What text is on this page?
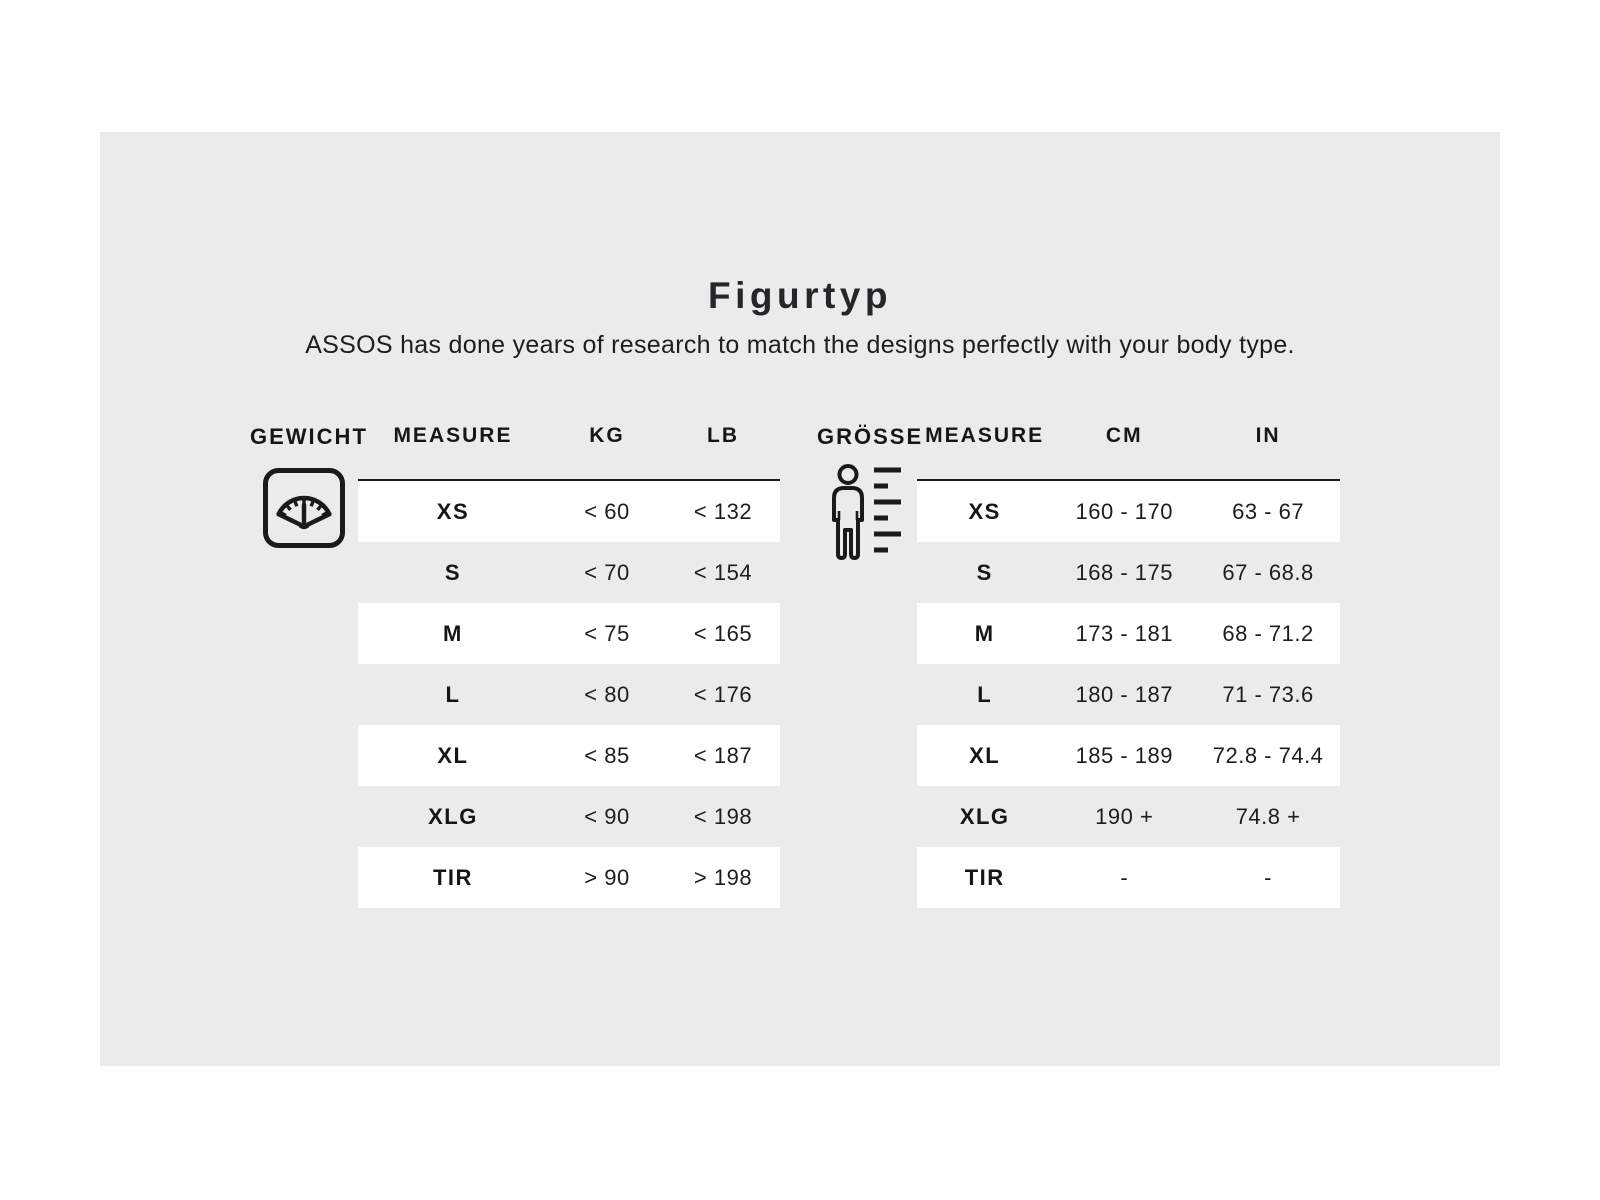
Figurtyp
ASSOS has done years of research to match the designs perfectly with your body type.
GEWICHT	MEASURE	KG	LB
XS	< 60	< 132
S	< 70	< 154
M	< 75	< 165
L	< 80	< 176
XL	< 85	< 187
XLG	< 90	< 198
TIR	> 90	> 198
GRÖSSE MEASURE	CM	IN
XS	160 - 170	63 - 67
S	168 - 175	67 - 68.8
M	173 - 181	68 - 71.2
L	180 - 187	71 - 73.6
XL	185 - 189	72.8 - 74.4
XLG	190 +	74.8 +
TIR	-	-
